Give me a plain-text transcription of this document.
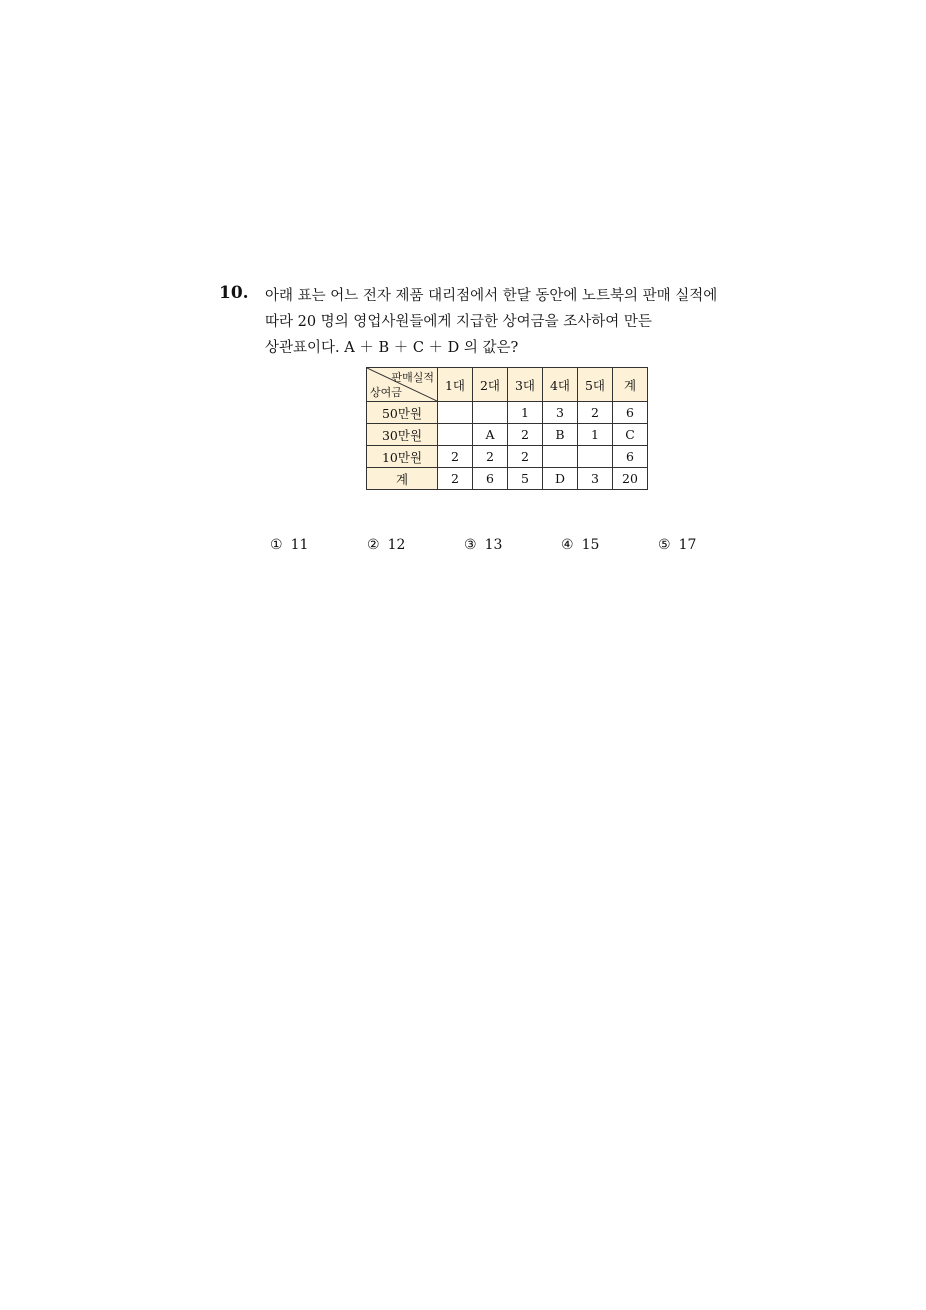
10. 아래 표는 어느 전자 제품 대리점에서 한달 동안에 노트북의 판매 실적에
따라 20 명의 영업사원들에게 지급한 상여금을 조사하여 만든
상관표이다. A ＋ B ＋ C ＋ D 의 값은?
판매실적
상여금	1대	2대	3대	4대	5대	계
50만원			1	3	2	6
30만원		A	2	B	1	C
10만원	2	2	2			6
계	2	6	5	D	3	20
① 11	② 12	③ 13	④ 15	⑤ 17
